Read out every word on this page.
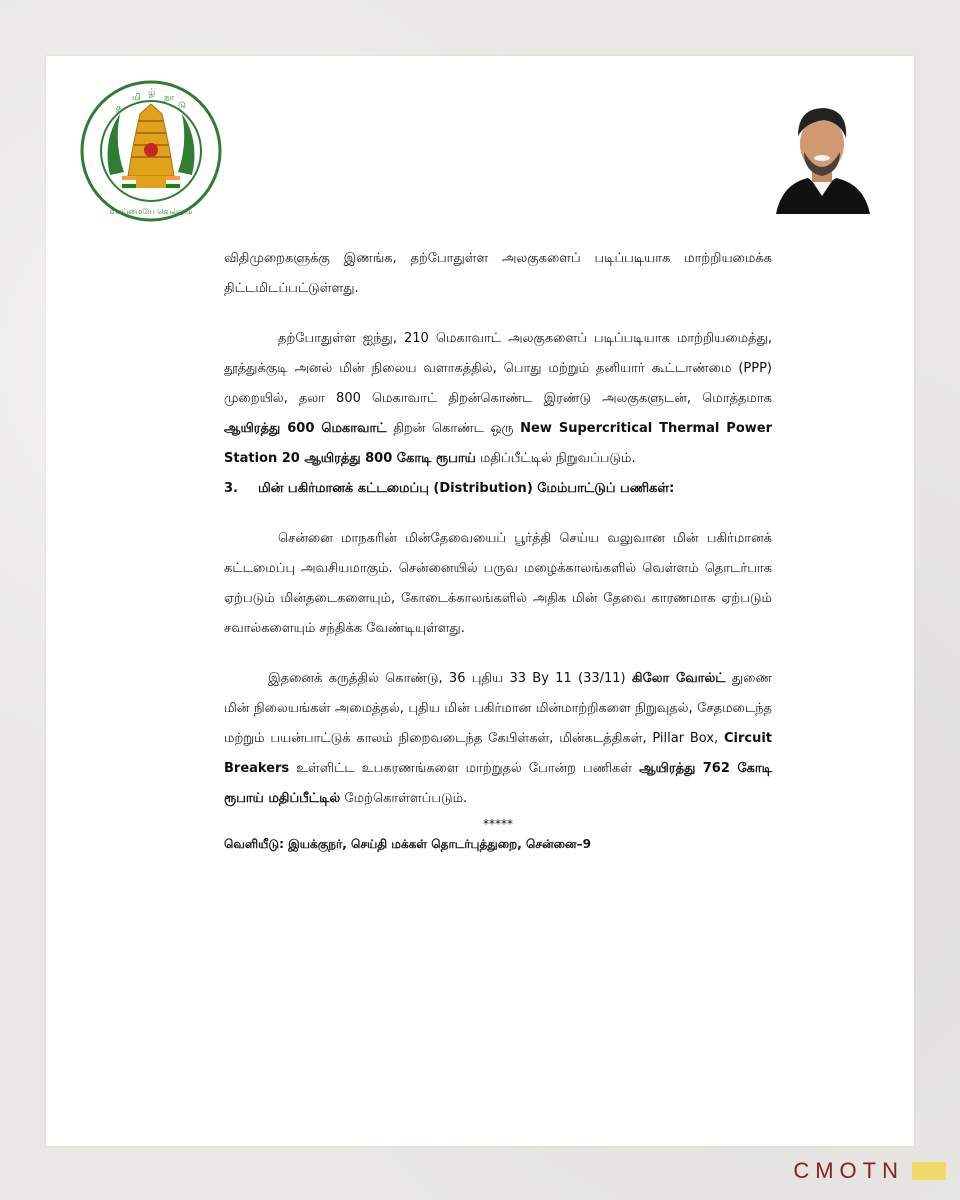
த
மி ழ் நா
டு
வாய்மையே வெல்லும்

விதிமுறைகளுக்கு இணங்க, தற்போதுள்ள அலகுகளைப் படிப்படியாக மாற்றியமைக்க திட்டமிடப்பட்டுள்ளது.

தற்போதுள்ள ஐந்து, 210 மெகாவாட் அலகுகளைப் படிப்படியாக மாற்றியமைத்து, தூத்துக்குடி அனல் மின் நிலைய வளாகத்தில், பொது மற்றும் தனியார் கூட்டாண்மை (PPP) முறையில், தலா 800 மெகாவாட் திறன்கொண்ட இரண்டு அலகுகளுடன், மொத்தமாக ஆயிரத்து 600 மெகாவாட் திறன் கொண்ட ஒரு New Supercritical Thermal Power Station 20 ஆயிரத்து 800 கோடி ரூபாய் மதிப்பீட்டில் நிறுவப்படும்.

3. மின் பகிர்மானக் கட்டமைப்பு (Distribution) மேம்பாட்டுப் பணிகள்:

சென்னை மாநகரின் மின்தேவையைப் பூர்த்தி செய்ய வலுவான மின் பகிர்மானக் கட்டமைப்பு அவசியமாகும். சென்னையில் பருவ மழைக்காலங்களில் வெள்ளம் தொடர்பாக ஏற்படும் மின்தடைகளையும், கோடைக்காலங்களில் அதிக மின் தேவை காரணமாக ஏற்படும் சவால்களையும் சந்திக்க வேண்டியுள்ளது.

இதனைக் கருத்தில் கொண்டு, 36 புதிய 33 By 11 (33/11) கிலோ வோல்ட் துணை மின் நிலையங்கள் அமைத்தல், புதிய மின் பகிர்மான மின்மாற்றிகளை நிறுவுதல், சேதமடைந்த மற்றும் பயன்பாட்டுக் காலம் நிறைவடைந்த கேபிள்கள், மின்கடத்திகள், Pillar Box, Circuit Breakers உள்ளிட்ட உபகரணங்களை மாற்றுதல் போன்ற பணிகள் ஆயிரத்து 762 கோடி ரூபாய் மதிப்பீட்டில் மேற்கொள்ளப்படும்.

*****

வெளியீடு: இயக்குநர், செய்தி மக்கள் தொடர்புத்துறை, சென்னை–9

CMOTN
